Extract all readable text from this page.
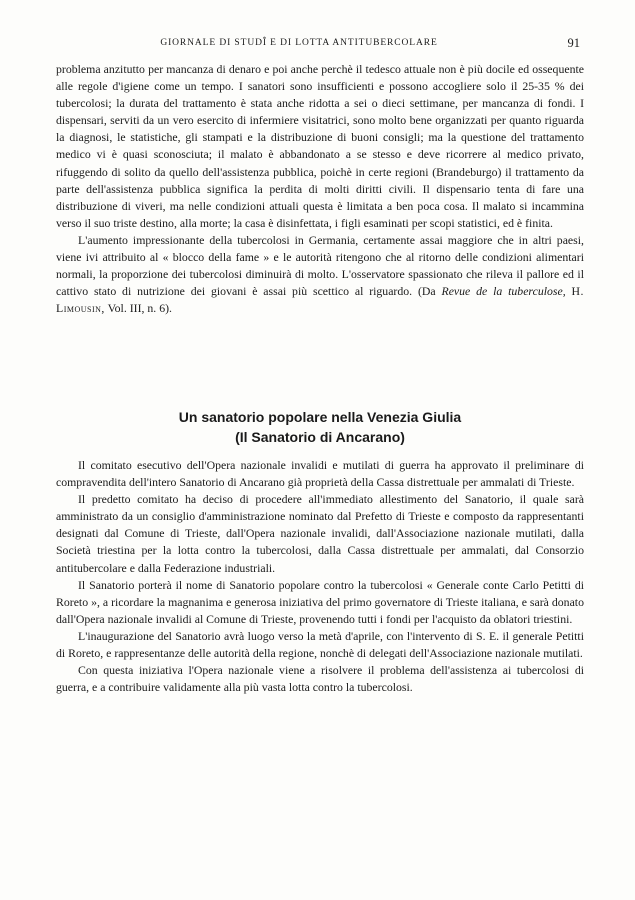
GIORNALE DI STUDÎ E DI LOTTA ANTITUBERCOLARE	91

problema anzitutto per mancanza di denaro e poi anche perchè il tedesco attuale non è più docile ed ossequente alle regole d'igiene come un tempo. I sanatori sono insufficienti e possono accogliere solo il 25-35 % dei tubercolosi; la durata del trattamento è stata anche ridotta a sei o dieci settimane, per mancanza di fondi. I dispensari, serviti da un vero esercito di infermiere visitatrici, sono molto bene organizzati per quanto riguarda la diagnosi, le statistiche, gli stampati e la distribuzione di buoni consigli; ma la questione del trattamento medico vi è quasi sconosciuta; il malato è abbandonato a se stesso e deve ricorrere al medico privato, rifuggendo di solito da quello dell'assistenza pubblica, poichè in certe regioni (Brandeburgo) il trattamento da parte dell'assistenza pubblica significa la perdita di molti diritti civili. Il dispensario tenta di fare una distribuzione di viveri, ma nelle condizioni attuali questa è limitata a ben poca cosa. Il malato si incammina verso il suo triste destino, alla morte; la casa è disinfettata, i figli esaminati per scopi statistici, ed è finita.

L'aumento impressionante della tubercolosi in Germania, certamente assai maggiore che in altri paesi, viene ivi attribuito al « blocco della fame » e le autorità ritengono che al ritorno delle condizioni alimentari normali, la proporzione dei tubercolosi diminuirà di molto. L'osservatore spassionato che rileva il pallore ed il cattivo stato di nutrizione dei giovani è assai più scettico al riguardo. (Da Revue de la tuberculose, H. Limousin, Vol. III, n. 6).

Un sanatorio popolare nella Venezia Giulia
(Il Sanatorio di Ancarano)

Il comitato esecutivo dell'Opera nazionale invalidi e mutilati di guerra ha approvato il preliminare di compravendita dell'intero Sanatorio di Ancarano già proprietà della Cassa distrettuale per ammalati di Trieste.

Il predetto comitato ha deciso di procedere all'immediato allestimento del Sanatorio, il quale sarà amministrato da un consiglio d'amministrazione nominato dal Prefetto di Trieste e composto da rappresentanti designati dal Comune di Trieste, dall'Opera nazionale invalidi, dall'Associazione nazionale mutilati, dalla Società triestina per la lotta contro la tubercolosi, dalla Cassa distrettuale per ammalati, dal Consorzio antitubercolare e dalla Federazione industriali.

Il Sanatorio porterà il nome di Sanatorio popolare contro la tubercolosi « Generale conte Carlo Petitti di Roreto », a ricordare la magnanima e generosa iniziativa del primo governatore di Trieste italiana, e sarà donato dall'Opera nazionale invalidi al Comune di Trieste, provenendo tutti i fondi per l'acquisto da oblatori triestini.

L'inaugurazione del Sanatorio avrà luogo verso la metà d'aprile, con l'intervento di S. E. il generale Petitti di Roreto, e rappresentanze delle autorità della regione, nonchè di delegati dell'Associazione nazionale mutilati.

Con questa iniziativa l'Opera nazionale viene a risolvere il problema dell'assistenza ai tubercolosi di guerra, e a contribuire validamente alla più vasta lotta contro la tubercolosi.
